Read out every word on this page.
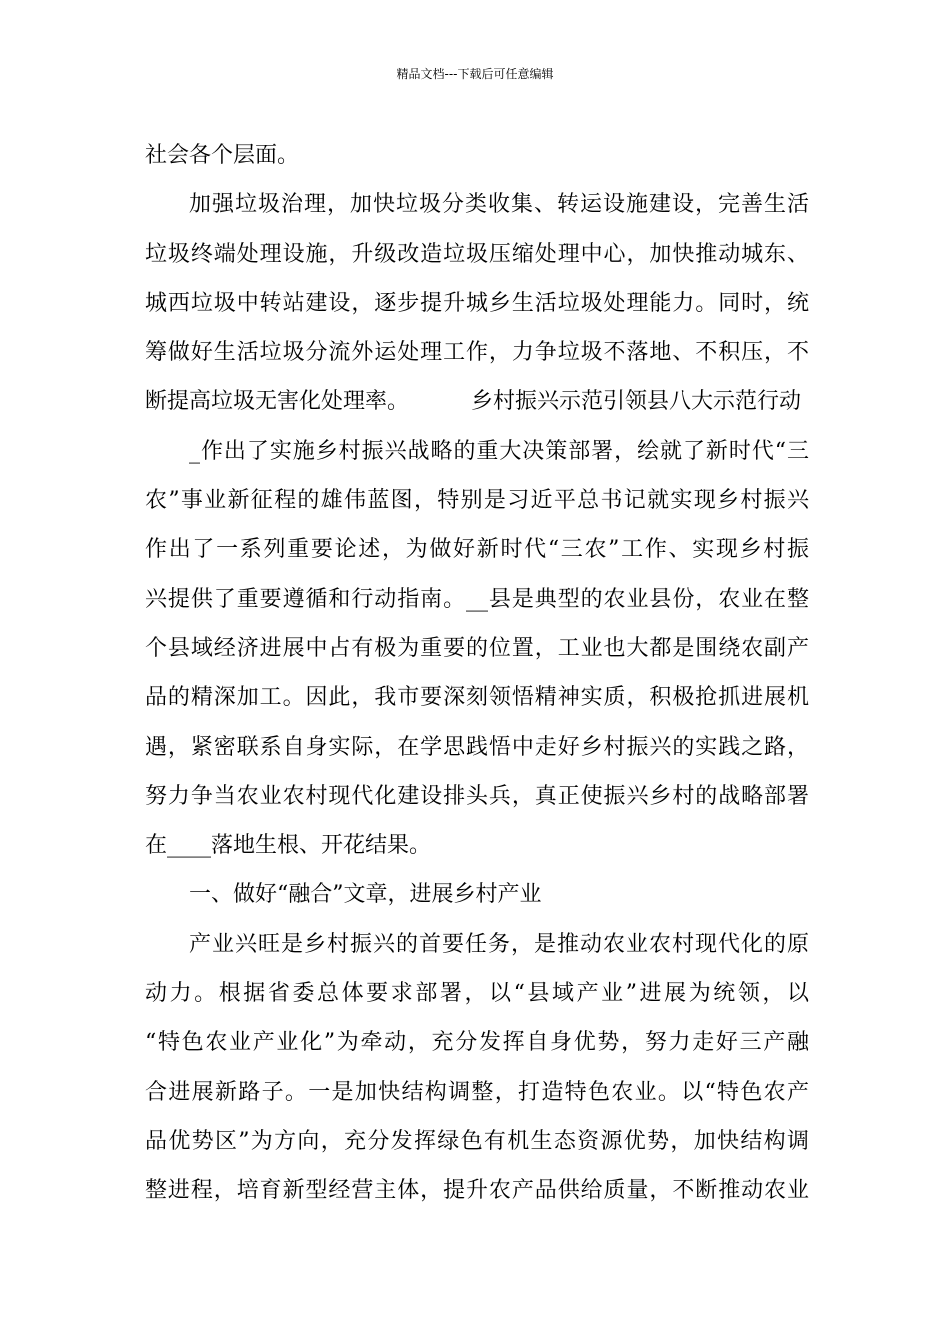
精品文档---下载后可任意编辑
社会各个层面。
加强垃圾治理，加快垃圾分类收集、转运设施建设，完善生活
垃圾终端处理设施，升级改造垃圾压缩处理中心，加快推动城东、
城西垃圾中转站建设，逐步提升城乡生活垃圾处理能力。同时，统
筹做好生活垃圾分流外运处理工作，力争垃圾不落地、不积压，不
断提高垃圾无害化处理率。	乡村振兴示范引领县八大示范行动
_作出了实施乡村振兴战略的重大决策部署，绘就了新时代“三
农”事业新征程的雄伟蓝图，特别是习近平总书记就实现乡村振兴
作出了一系列重要论述，为做好新时代“三农”工作、实现乡村振
兴提供了重要遵循和行动指南。__县是典型的农业县份，农业在整
个县域经济进展中占有极为重要的位置，工业也大都是围绕农副产
品的精深加工。因此，我市要深刻领悟精神实质，积极抢抓进展机
遇，紧密联系自身实际，在学思践悟中走好乡村振兴的实践之路，
努力争当农业农村现代化建设排头兵，真正使振兴乡村的战略部署
在____落地生根、开花结果。
一、做好“融合”文章，进展乡村产业
产业兴旺是乡村振兴的首要任务，是推动农业农村现代化的原
动力。根据省委总体要求部署，以“县域产业”进展为统领，以
“特色农业产业化”为牵动，充分发挥自身优势，努力走好三产融
合进展新路子。一是加快结构调整，打造特色农业。以“特色农产
品优势区”为方向，充分发挥绿色有机生态资源优势，加快结构调
整进程，培育新型经营主体，提升农产品供给质量，不断推动农业
